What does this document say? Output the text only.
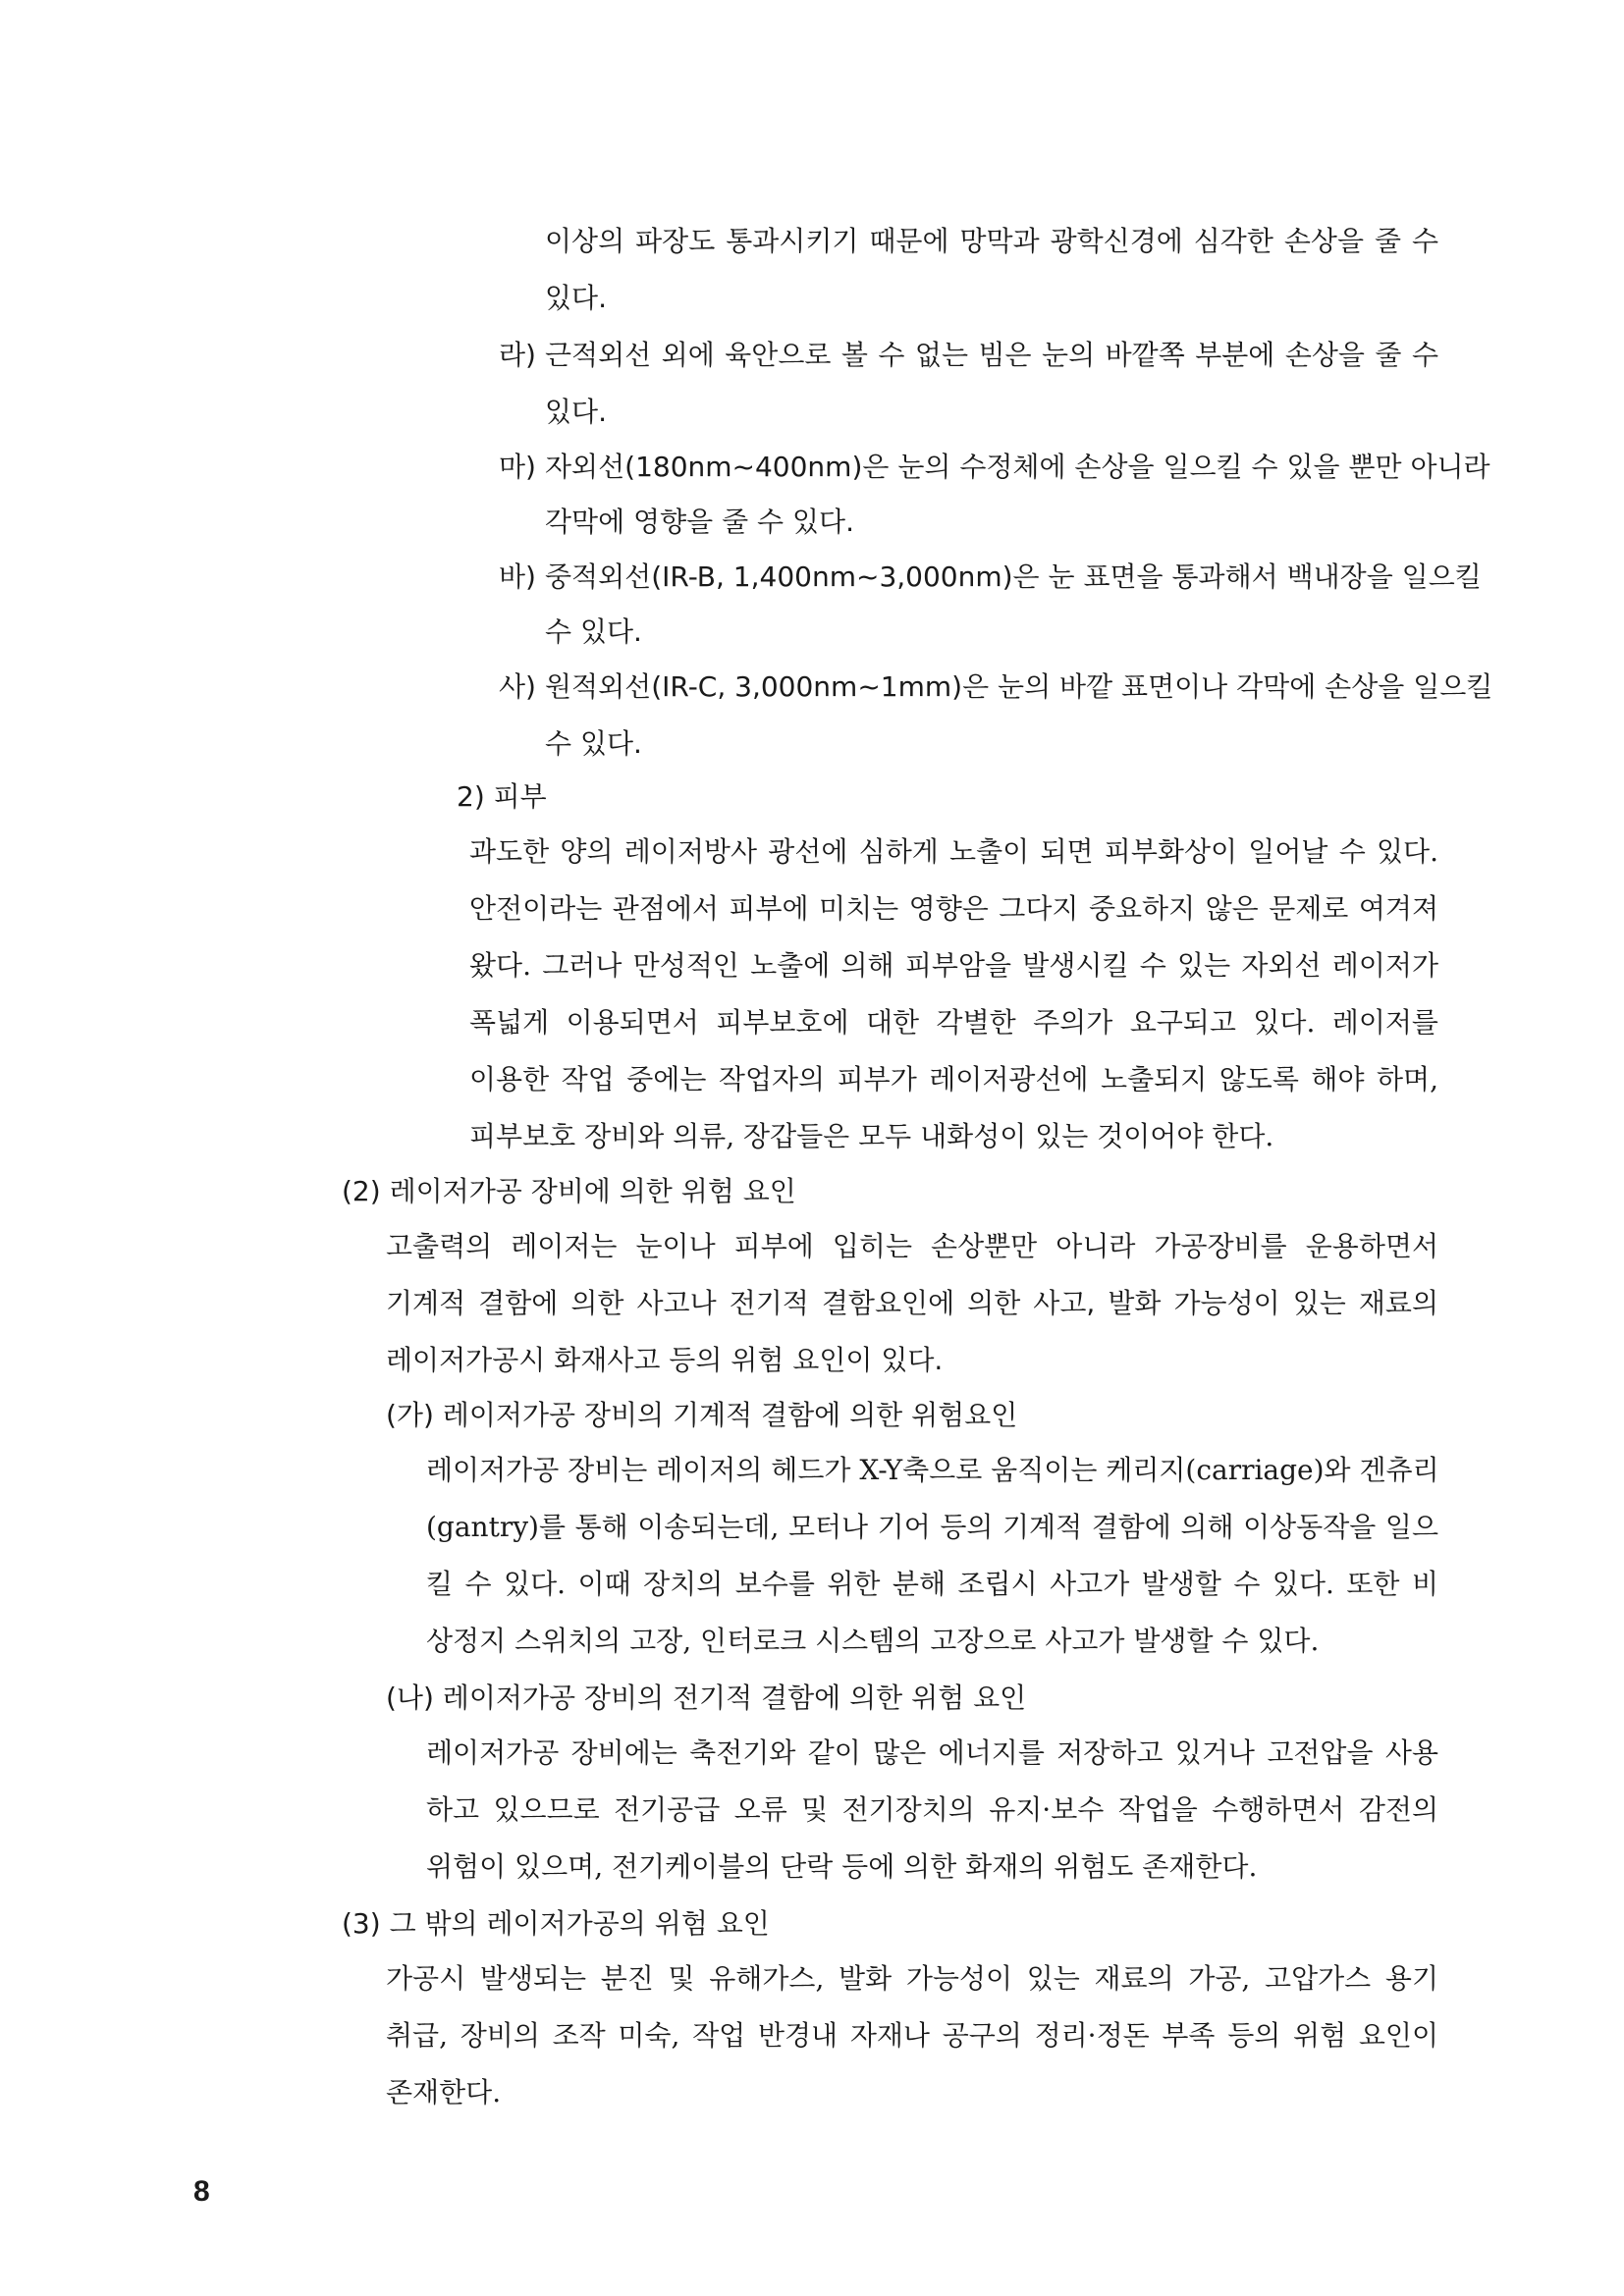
이상의 파장도 통과시키기 때문에 망막과 광학신경에 심각한 손상을 줄 수
있다.
라) 근적외선 외에 육안으로 볼 수 없는 빔은 눈의 바깥쪽 부분에 손상을 줄 수
있다.
마) 자외선(180nm~400nm)은 눈의 수정체에 손상을 일으킬 수 있을 뿐만 아니라
각막에 영향을 줄 수 있다.
바) 중적외선(IR-B, 1,400nm~3,000nm)은 눈 표면을 통과해서 백내장을 일으킬
수 있다.
사) 원적외선(IR-C, 3,000nm~1mm)은 눈의 바깥 표면이나 각막에 손상을 일으킬
수 있다.
2) 피부
과도한 양의 레이저방사 광선에 심하게 노출이 되면 피부화상이 일어날 수 있다.
안전이라는 관점에서 피부에 미치는 영향은 그다지 중요하지 않은 문제로 여겨져
왔다. 그러나 만성적인 노출에 의해 피부암을 발생시킬 수 있는 자외선 레이저가
폭넓게 이용되면서 피부보호에 대한 각별한 주의가 요구되고 있다. 레이저를
이용한 작업 중에는 작업자의 피부가 레이저광선에 노출되지 않도록 해야 하며,
피부보호 장비와 의류, 장갑들은 모두 내화성이 있는 것이어야 한다.
(2) 레이저가공 장비에 의한 위험 요인
고출력의 레이저는 눈이나 피부에 입히는 손상뿐만 아니라 가공장비를 운용하면서
기계적 결함에 의한 사고나 전기적 결함요인에 의한 사고, 발화 가능성이 있는 재료의
레이저가공시 화재사고 등의 위험 요인이 있다.
(가) 레이저가공 장비의 기계적 결함에 의한 위험요인
레이저가공 장비는 레이저의 헤드가 X-Y축으로 움직이는 케리지(carriage)와 겐츄리
(gantry)를 통해 이송되는데, 모터나 기어 등의 기계적 결함에 의해 이상동작을 일으
킬 수 있다. 이때 장치의 보수를 위한 분해 조립시 사고가 발생할 수 있다. 또한 비
상정지 스위치의 고장, 인터로크 시스템의 고장으로 사고가 발생할 수 있다.
(나) 레이저가공 장비의 전기적 결함에 의한 위험 요인
레이저가공 장비에는 축전기와 같이 많은 에너지를 저장하고 있거나 고전압을 사용
하고 있으므로 전기공급 오류 및 전기장치의 유지·보수 작업을 수행하면서 감전의
위험이 있으며, 전기케이블의 단락 등에 의한 화재의 위험도 존재한다.
(3) 그 밖의 레이저가공의 위험 요인
가공시 발생되는 분진 및 유해가스, 발화 가능성이 있는 재료의 가공, 고압가스 용기
취급, 장비의 조작 미숙, 작업 반경내 자재나 공구의 정리·정돈 부족 등의 위험 요인이
존재한다.
8
